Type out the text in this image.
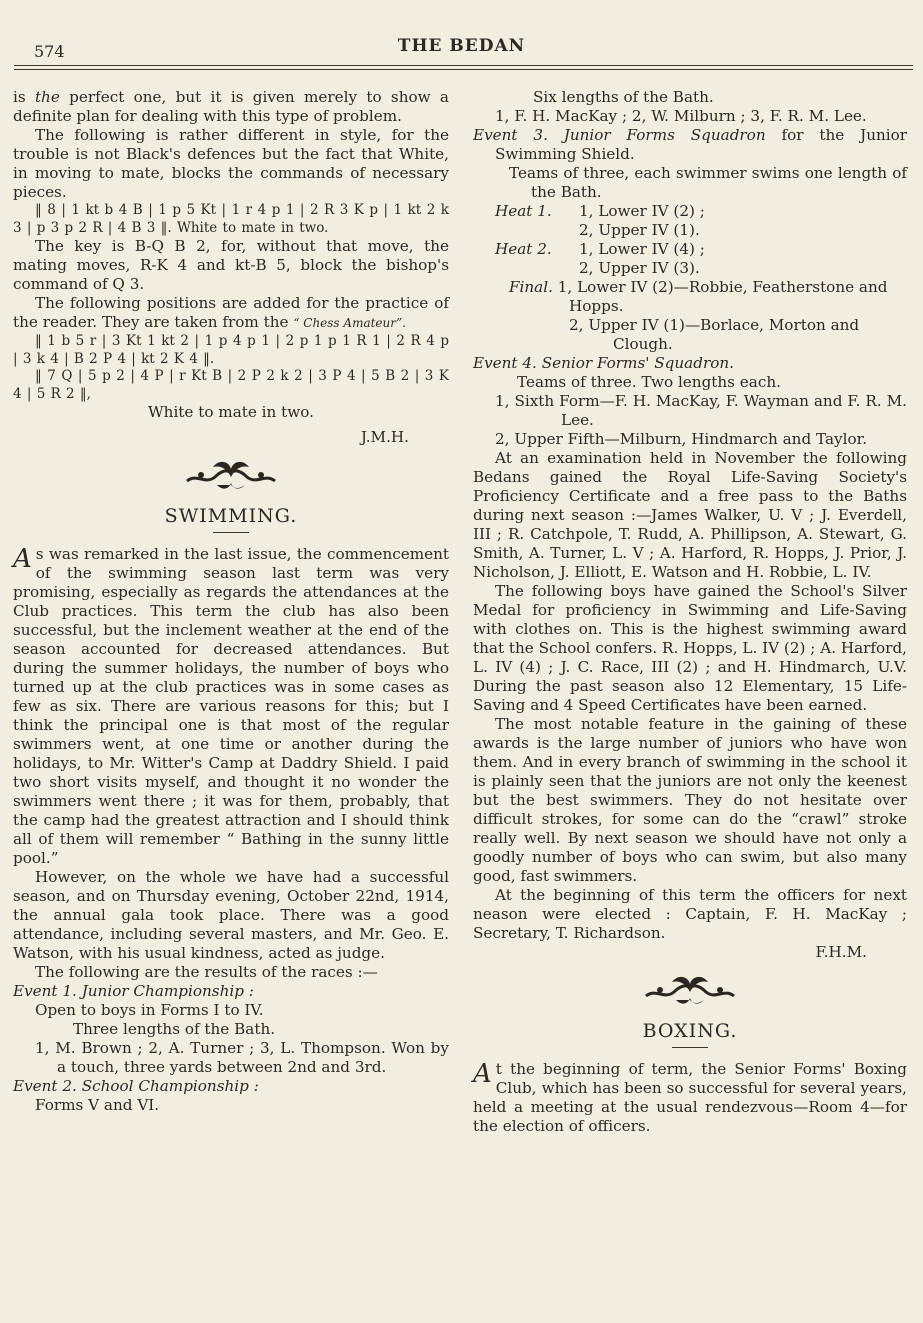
574	THE BEDAN

is the perfect one, but it is given merely to show a definite plan for dealing with this type of problem.

The following is rather different in style, for the trouble is not Black's defences but the fact that White, in moving to mate, blocks the commands of necessary pieces.

‖ 8 | 1 kt b 4 B | 1 p 5 Kt | 1 r 4 p 1 | 2 R 3 K p | 1 kt 2 k 3 | p 3 p 2 R | 4 B 3 ‖. White to mate in two.

The key is B-Q B 2, for, without that move, the mating moves, R-K 4 and kt-B 5, block the bishop's command of Q 3.

The following positions are added for the practice of the reader. They are taken from the “ Chess Amateur”.

‖ 1 b 5 r | 3 Kt 1 kt 2 | 1 p 4 p 1 | 2 p 1 p 1 R 1 | 2 R 4 p | 3 k 4 | B 2 P 4 | kt 2 K 4 ‖.

‖ 7 Q | 5 p 2 | 4 P | r Kt B | 2 P 2 k 2 | 3 P 4 | 5 B 2 | 3 K 4 | 5 R 2 ‖,

White to mate in two.

J.M.H.

SWIMMING.

As was remarked in the last issue, the commencement of the swimming season last term was very promising, especially as regards the attendances at the Club practices. This term the club has also been successful, but the inclement weather at the end of the season accounted for decreased attendances. But during the summer holidays, the number of boys who turned up at the club practices was in some cases as few as six. There are various reasons for this; but I think the principal one is that most of the regular swimmers went, at one time or another during the holidays, to Mr. Witter's Camp at Daddry Shield. I paid two short visits myself, and thought it no wonder the swimmers went there ; it was for them, probably, that the camp had the greatest attraction and I should think all of them will remember “ Bathing in the sunny little pool.”

However, on the whole we have had a successful season, and on Thursday evening, October 22nd, 1914, the annual gala took place. There was a good attendance, including several masters, and Mr. Geo. E. Watson, with his usual kindness, acted as judge.

The following are the results of the races :—

Event 1. Junior Championship :

Open to boys in Forms I to IV.

Three lengths of the Bath.

1, M. Brown ; 2, A. Turner ; 3, L. Thompson. Won by a touch, three yards between 2nd and 3rd.

Event 2. School Championship :

Forms V and VI.

Six lengths of the Bath.

1, F. H. MacKay ; 2, W. Milburn ; 3, F. R. M. Lee.

Event 3. Junior Forms Squadron for the Junior Swimming Shield.

Teams of three, each swimmer swims one length of the Bath.

Heat 1. 1, Lower IV (2) ;

2, Upper IV (1).

Heat 2. 1, Lower IV (4) ;

2, Upper IV (3).

Final. 1, Lower IV (2)—Robbie, Featherstone and Hopps.

2, Upper IV (1)—Borlace, Morton and Clough.

Event 4. Senior Forms' Squadron.

Teams of three. Two lengths each.

1, Sixth Form—F. H. MacKay, F. Wayman and F. R. M. Lee.

2, Upper Fifth—Milburn, Hindmarch and Taylor.

At an examination held in November the following Bedans gained the Royal Life-Saving Society's Proficiency Certificate and a free pass to the Baths during next season :—James Walker, U. V ; J. Everdell, III ; R. Catchpole, T. Rudd, A. Phillipson, A. Stewart, G. Smith, A. Turner, L. V ; A. Harford, R. Hopps, J. Prior, J. Nicholson, J. Elliott, E. Watson and H. Robbie, L. IV.

The following boys have gained the School's Silver Medal for proficiency in Swimming and Life-Saving with clothes on. This is the highest swimming award that the School confers. R. Hopps, L. IV (2) ; A. Harford, L. IV (4) ; J. C. Race, III (2) ; and H. Hindmarch, U.V. During the past season also 12 Elementary, 15 Life-Saving and 4 Speed Certificates have been earned.

The most notable feature in the gaining of these awards is the large number of juniors who have won them. And in every branch of swimming in the school it is plainly seen that the juniors are not only the keenest but the best swimmers. They do not hesitate over difficult strokes, for some can do the “crawl” stroke really well. By next season we should have not only a goodly number of boys who can swim, but also many good, fast swimmers.

At the beginning of this term the officers for next neason were elected : Captain, F. H. MacKay ; Secretary, T. Richardson.

F.H.M.

BOXING.

At the beginning of term, the Senior Forms' Boxing Club, which has been so successful for several years, held a meeting at the usual rendezvous—Room 4—for the election of officers.
